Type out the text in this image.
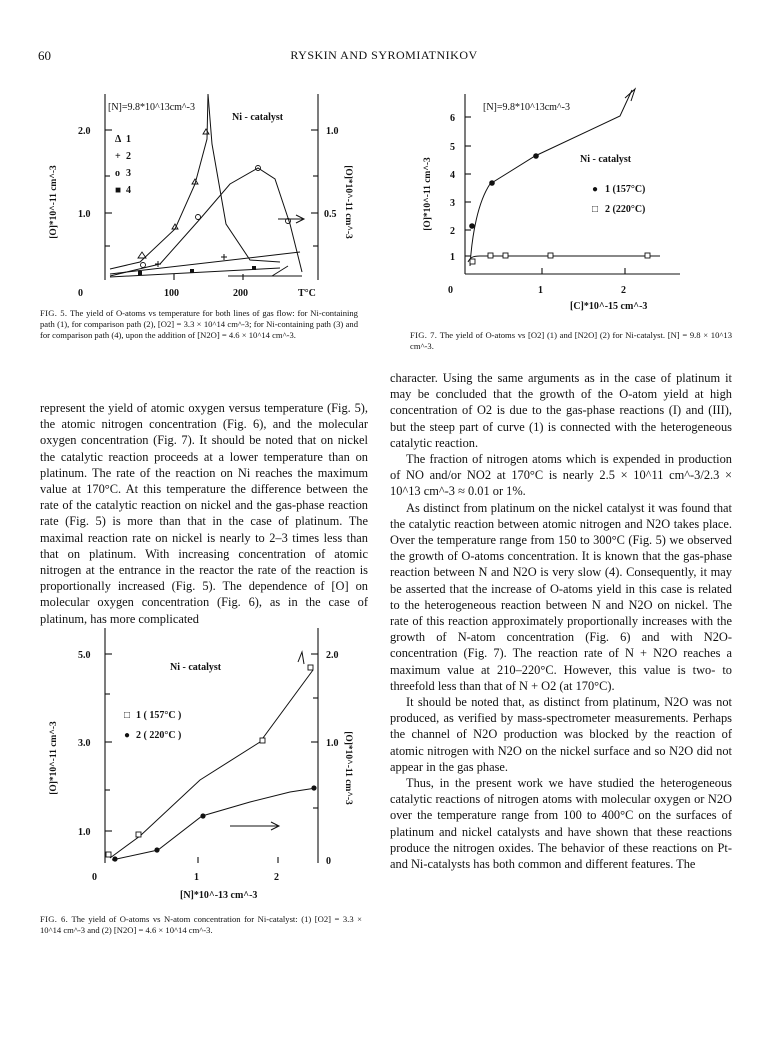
60	RYSKIN AND SYROMIATNIKOV
[N]=9.8*10^13cm^-3
Ni - catalyst
2.0
1.0
0
1.0
0.5
100	200	T°C
[O]*10^-11 cm^-3	[O]*10^-11 cm^-3
Δ 1
+ 2
o 3
■ 4
FIG. 5. The yield of O-atoms vs temperature for both lines of gas flow: for Ni-containing path (1), for comparison path (2), [O2] = 3.3 × 10^14 cm^-3; for Ni-containing path (3) and for comparison path (4), upon the addition of [N2O] = 4.6 × 10^14 cm^-3.
[N]=9.8*10^13cm^-3
Ni - catalyst
6
5
4
3
2
1
0	1	2
[C]*10^-15 cm^-3
[O]*10^-11 cm^-3	● 1 (157°C)
□ 2 (220°C)
FIG. 7. The yield of O-atoms vs [O2] (1) and [N2O] (2) for Ni-catalyst. [N] = 9.8 × 10^13 cm^-3.

represent the yield of atomic oxygen versus temperature (Fig. 5), the atomic nitrogen concentration (Fig. 6), and the molecular oxygen concentration (Fig. 7). It should be noted that on nickel the catalytic reaction proceeds at a lower temperature than on platinum. The rate of the reaction on Ni reaches the maximum value at 170°C. At this temperature the difference between the rate of the catalytic reaction on nickel and the gas-phase reaction rate (Fig. 5) is more than that in the case of platinum. The maximal reaction rate on nickel is nearly to 2–3 times less than that on platinum. With increasing concentration of atomic nitrogen at the entrance in the reactor the rate of the reaction is proportionally increased (Fig. 5). The dependence of [O] on molecular oxygen concentration (Fig. 6), as in the case of platinum, has more complicated

Ni - catalyst
5.0
3.0
1.0
0
2.0
1.0
0
1	2
[N]*10^-13 cm^-3
[O]*10^-11 cm^-3	[O]*10^-11 cm^-3
□ 1 ( 157°C )
● 2 ( 220°C )
FIG. 6. The yield of O-atoms vs N-atom concentration for Ni-catalyst: (1) [O2] = 3.3 × 10^14 cm^-3 and (2) [N2O] = 4.6 × 10^14 cm^-3.

character. Using the same arguments as in the case of platinum it may be concluded that the growth of the O-atom yield at high concentration of O2 is due to the gas-phase reactions (I) and (III), but the steep part of curve (1) is connected with the heterogeneous catalytic reaction.

The fraction of nitrogen atoms which is expended in production of NO and/or NO2 at 170°C is nearly 2.5 × 10^11 cm^-3/2.3 × 10^13 cm^-3 ≈ 0.01 or 1%.

As distinct from platinum on the nickel catalyst it was found that the catalytic reaction between atomic nitrogen and N2O takes place. Over the temperature range from 150 to 300°C (Fig. 5) we observed the growth of O-atoms concentration. It is known that the gas-phase reaction between N and N2O is very slow (4). Consequently, it may be asserted that the increase of O-atoms yield in this case is related to the heterogeneous reaction between N and N2O on nickel. The rate of this reaction approximately proportionally increases with the growth of N-atom concentration (Fig. 6) and with N2O-concentration (Fig. 7). The reaction rate of N + N2O reaches a maximum value at 210–220°C. However, this value is two- to threefold less than that of N + O2 (at 170°C).

It should be noted that, as distinct from platinum, N2O was not produced, as verified by mass-spectrometer measurements. Perhaps the channel of N2O production was blocked by the reaction of atomic nitrogen with N2O on the nickel surface and so N2O did not appear in the gas phase.

Thus, in the present work we have studied the heterogeneous catalytic reactions of nitrogen atoms with molecular oxygen or N2O over the temperature range from 100 to 400°C on the surfaces of platinum and nickel catalysts and have shown that these reactions produce the nitrogen oxides. The behavior of these reactions on Pt- and Ni-catalysts has both common and different features. The
